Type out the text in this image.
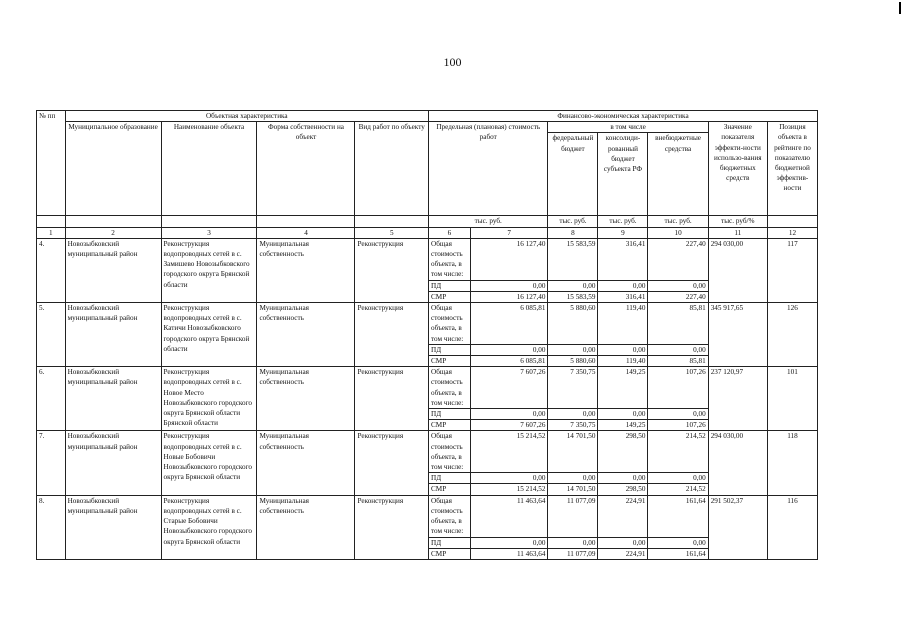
100
№ пп	Объектная характеристика				Финансово-экономическая характеристика						
	Муниципальное образование	Наименование объекта	Форма собственности на объект	Вид работ по объекту	Предельная (плановая) стоимость работ		в том числе			Значение показателя эффекти-ности использо-вания бюджетных средств	Позиция объекта в рейтинге по показателю бюджетной эффектив-ности
							федеральный бюджет	консолиди-рованный бюджет субъекта РФ	внебюджетные средства		
					тыс. руб.		тыс. руб.	тыс. руб.	тыс. руб.	тыс. руб/%	
1	2	3	4	5	6	7	8	9	10	11	12
4.	Новозыбковский муниципальный район	Реконструкция водопроводных сетей в с. Замишево Новозыбковского городского округа Брянской области	Муниципальная собственность	Реконструкция	Общая стоимость объекта, в том числе:	16 127,40	15 583,59	316,41	227,40	294 030,00	117
					ПД	0,00	0,00	0,00	0,00		
					СМР	16 127,40	15 583,59	316,41	227,40		
5.	Новозыбковский муниципальный район	Реконструкция водопроводных сетей в с. Катичи Новозыбковского городского округа Брянской области	Муниципальная собственность	Реконструкция	Общая стоимость объекта, в том числе:	6 085,81	5 880,60	119,40	85,81	345 917,65	126
					ПД	0,00	0,00	0,00	0,00		
					СМР	6 085,81	5 880,60	119,40	85,81		
6.	Новозыбковский муниципальный район	Реконструкция водопроводных сетей в с. Новое Место Новозыбковского городского округа Брянской области Брянской области	Муниципальная собственность	Реконструкция	Общая стоимость объекта, в том числе:	7 607,26	7 350,75	149,25	107,26	237 120,97	101
					ПД	0,00	0,00	0,00	0,00		
					СМР	7 607,26	7 350,75	149,25	107,26		
7.	Новозыбковский муниципальный район	Реконструкция водопроводных сетей в с. Новые Бобовичи Новозыбковского городского округа Брянской области	Муниципальная собственность	Реконструкция	Общая стоимость объекта, в том числе:	15 214,52	14 701,50	298,50	214,52	294 030,00	118
					ПД	0,00	0,00	0,00	0,00		
					СМР	15 214,52	14 701,50	298,50	214,52		
8.	Новозыбковский муниципальный район	Реконструкция водопроводных сетей в с. Старые Бобовичи Новозыбковского городского округа Брянской области	Муниципальная собственность	Реконструкция	Общая стоимость объекта, в том числе:	11 463,64	11 077,09	224,91	161,64	291 502,37	116
					ПД	0,00	0,00	0,00	0,00		
					СМР	11 463,64	11 077,09	224,91	161,64		
